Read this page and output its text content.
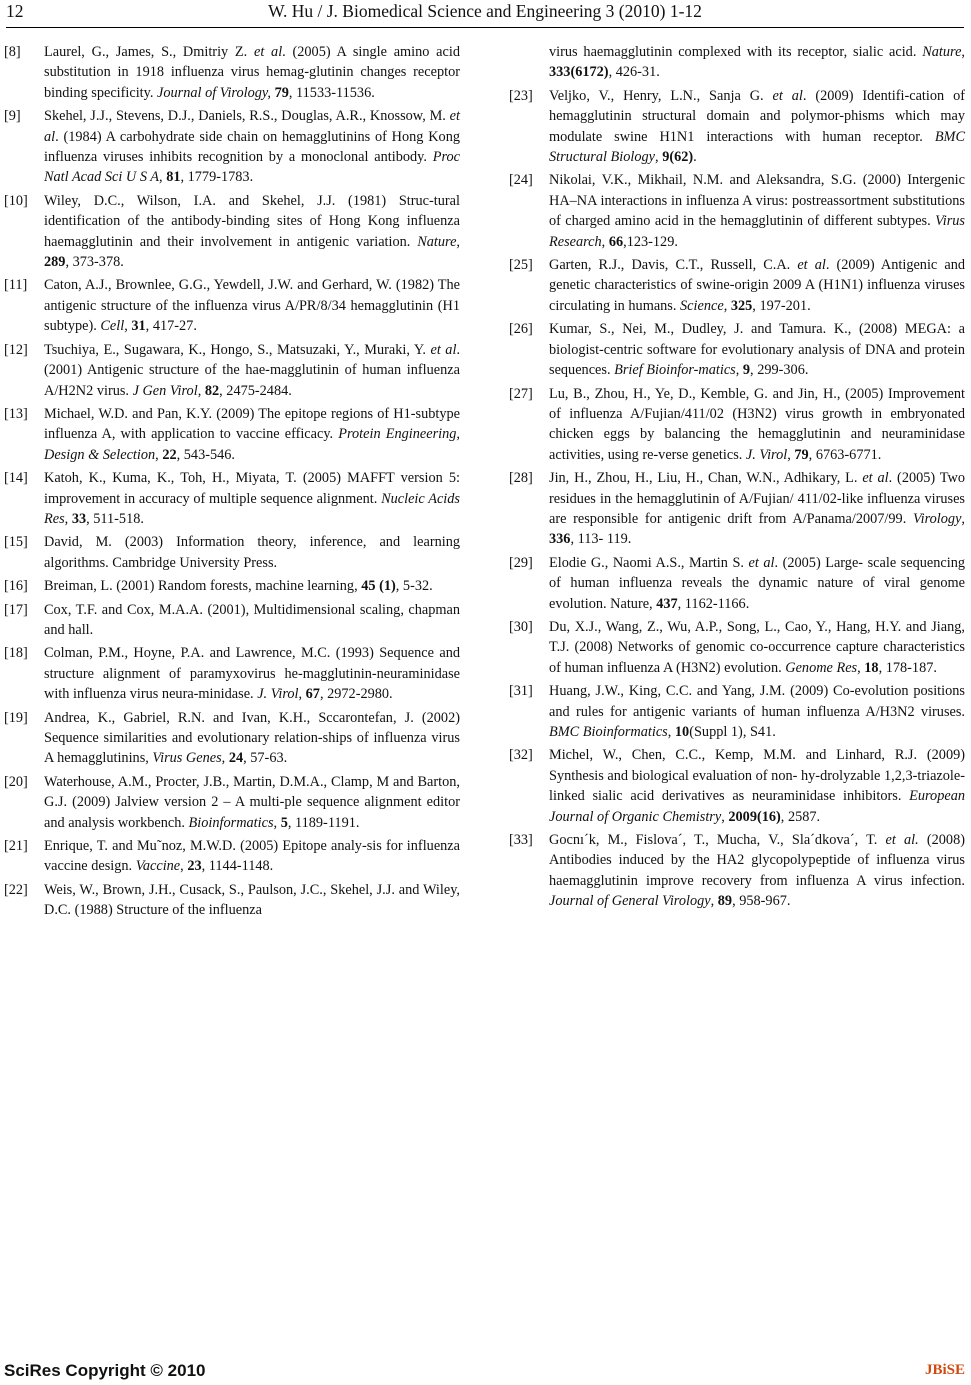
12	W. Hu / J. Biomedical Science and Engineering 3 (2010) 1-12
[8]	Laurel, G., James, S., Dmitriy Z. et al. (2005) A single amino acid substitution in 1918 influenza virus hemag-glutinin changes receptor binding specificity. Journal of Virology, 79, 11533-11536.
[9]	Skehel, J.J., Stevens, D.J., Daniels, R.S., Douglas, A.R., Knossow, M. et al. (1984) A carbohydrate side chain on hemagglutinins of Hong Kong influenza viruses inhibits recognition by a monoclonal antibody. Proc Natl Acad Sci U S A, 81, 1779-1783.
[10]	Wiley, D.C., Wilson, I.A. and Skehel, J.J. (1981) Struc-tural identification of the antibody-binding sites of Hong Kong influenza haemagglutinin and their involvement in antigenic variation. Nature, 289, 373-378.
[11]	Caton, A.J., Brownlee, G.G., Yewdell, J.W. and Gerhard, W. (1982) The antigenic structure of the influenza virus A/PR/8/34 hemagglutinin (H1 subtype). Cell, 31, 417-27.
[12]	Tsuchiya, E., Sugawara, K., Hongo, S., Matsuzaki, Y., Muraki, Y. et al. (2001) Antigenic structure of the hae-magglutinin of human influenza A/H2N2 virus. J Gen Virol, 82, 2475-2484.
[13]	Michael, W.D. and Pan, K.Y. (2009) The epitope regions of H1-subtype influenza A, with application to vaccine efficacy. Protein Engineering, Design & Selection, 22, 543-546.
[14]	Katoh, K., Kuma, K., Toh, H., Miyata, T. (2005) MAFFT version 5: improvement in accuracy of multiple sequence alignment. Nucleic Acids Res, 33, 511-518.
[15]	David, M. (2003) Information theory, inference, and learning algorithms. Cambridge University Press.
[16]	Breiman, L. (2001) Random forests, machine learning, 45 (1), 5-32.
[17]	Cox, T.F. and Cox, M.A.A. (2001), Multidimensional scaling, chapman and hall.
[18]	Colman, P.M., Hoyne, P.A. and Lawrence, M.C. (1993) Sequence and structure alignment of paramyxovirus he-magglutinin-neuraminidase with influenza virus neura-minidase. J. Virol, 67, 2972-2980.
[19]	Andrea, K., Gabriel, R.N. and Ivan, K.H., Sccarontefan, J. (2002) Sequence similarities and evolutionary relation-ships of influenza virus A hemagglutinins, Virus Genes, 24, 57-63.
[20]	Waterhouse, A.M., Procter, J.B., Martin, D.M.A., Clamp, M and Barton, G.J. (2009) Jalview version 2 – A multi-ple sequence alignment editor and analysis workbench. Bioinformatics, 5, 1189-1191.
[21]	Enrique, T. and Mu˜noz, M.W.D. (2005) Epitope analy-sis for influenza vaccine design. Vaccine, 23, 1144-1148.
[22]	Weis, W., Brown, J.H., Cusack, S., Paulson, J.C., Skehel, J.J. and Wiley, D.C. (1988) Structure of the influenza
virus haemagglutinin complexed with its receptor, sialic acid. Nature, 333(6172), 426-31.
[23]	Veljko, V., Henry, L.N., Sanja G. et al. (2009) Identifi-cation of hemagglutinin structural domain and polymor-phisms which may modulate swine H1N1 interactions with human receptor. BMC Structural Biology, 9(62).
[24]	Nikolai, V.K., Mikhail, N.M. and Aleksandra, S.G. (2000) Intergenic HA–NA interactions in influenza A virus: postreassortment substitutions of charged amino acid in the hemagglutinin of different subtypes. Virus Research, 66,123-129.
[25]	Garten, R.J., Davis, C.T., Russell, C.A. et al. (2009) Antigenic and genetic characteristics of swine-origin 2009 A (H1N1) influenza viruses circulating in humans. Science, 325, 197-201.
[26]	Kumar, S., Nei, M., Dudley, J. and Tamura. K., (2008) MEGA: a biologist-centric software for evolutionary analysis of DNA and protein sequences. Brief Bioinfor-matics, 9, 299-306.
[27]	Lu, B., Zhou, H., Ye, D., Kemble, G. and Jin, H., (2005) Improvement of influenza A/Fujian/411/02 (H3N2) virus growth in embryonated chicken eggs by balancing the hemagglutinin and neuraminidase activities, using re-verse genetics. J. Virol, 79, 6763-6771.
[28]	Jin, H., Zhou, H., Liu, H., Chan, W.N., Adhikary, L. et al. (2005) Two residues in the hemagglutinin of A/Fujian/ 411/02-like influenza viruses are responsible for antigenic drift from A/Panama/2007/99. Virology, 336, 113- 119.
[29]	Elodie G., Naomi A.S., Martin S. et al. (2005) Large- scale sequencing of human influenza reveals the dynamic nature of viral genome evolution. Nature, 437, 1162-1166.
[30]	Du, X.J., Wang, Z., Wu, A.P., Song, L., Cao, Y., Hang, H.Y. and Jiang, T.J. (2008) Networks of genomic co-occurrence capture characteristics of human influenza A (H3N2) evolution. Genome Res, 18, 178-187.
[31]	Huang, J.W., King, C.C. and Yang, J.M. (2009) Co-evolution positions and rules for antigenic variants of human influenza A/H3N2 viruses. BMC Bioinformatics, 10(Suppl 1), S41.
[32]	Michel, W., Chen, C.C., Kemp, M.M. and Linhard, R.J. (2009) Synthesis and biological evaluation of non- hy-drolyzable 1,2,3-triazole-linked sialic acid derivatives as neuraminidase inhibitors. European Journal of Organic Chemistry, 2009(16), 2587.
[33]	Gocnı´k, M., Fislova´, T., Mucha, V., Sla´dkova´, T. et al. (2008) Antibodies induced by the HA2 glycopolypeptide of influenza virus haemagglutinin improve recovery from influenza A virus infection. Journal of General Virology, 89, 958-967.
SciRes Copyright © 2010	JBiSE
